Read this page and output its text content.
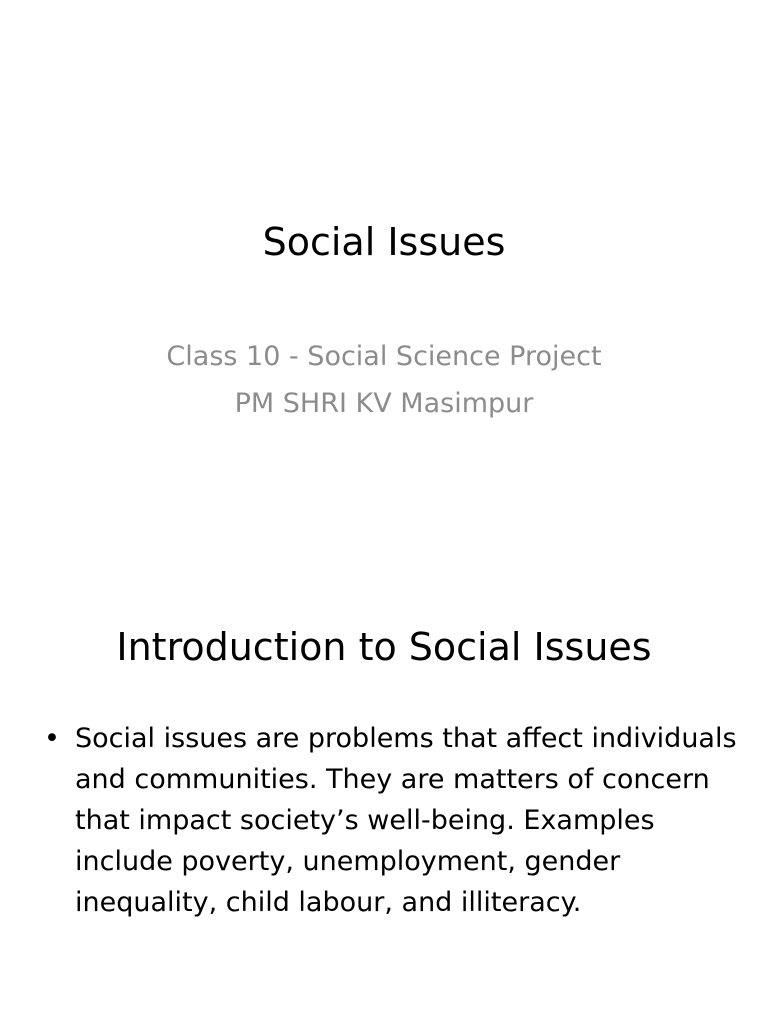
Social Issues
Class 10 - Social Science Project
PM SHRI KV Masimpur
Introduction to Social Issues
• Social issues are problems that affect individuals and communities. They are matters of concern that impact society’s well-being. Examples include poverty, unemployment, gender inequality, child labour, and illiteracy.
